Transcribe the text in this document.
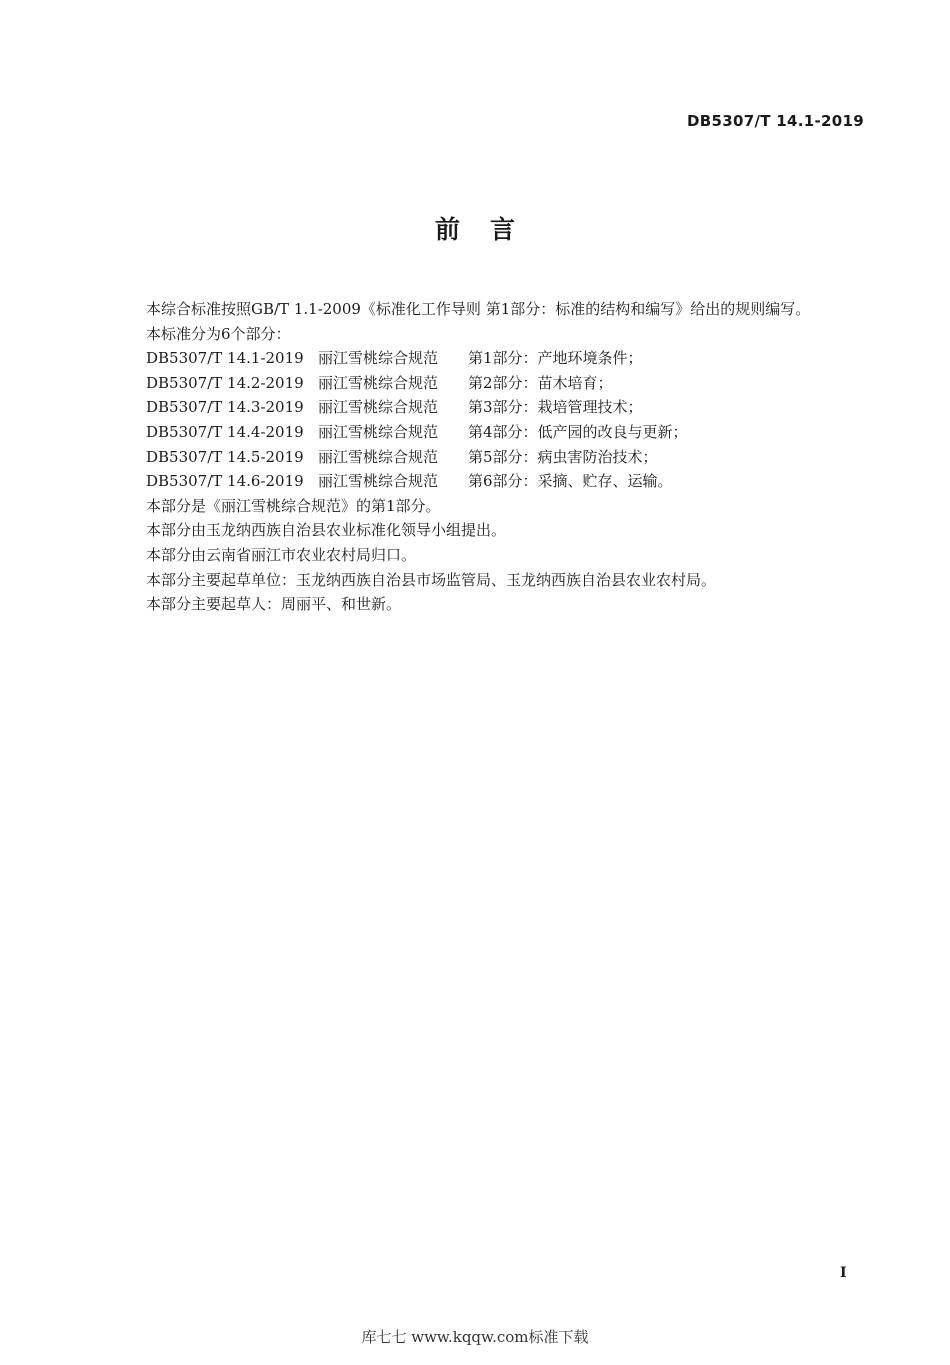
DB5307/T 14.1-2019
前言
本综合标准按照GB/T 1.1-2009《标准化工作导则 第1部分：标准的结构和编写》给出的规则编写。
本标准分为6个部分：
DB5307/T 14.1-2019 丽江雪桃综合规范 第1部分：产地环境条件；
DB5307/T 14.2-2019 丽江雪桃综合规范 第2部分：苗木培育；
DB5307/T 14.3-2019 丽江雪桃综合规范 第3部分：栽培管理技术；
DB5307/T 14.4-2019 丽江雪桃综合规范 第4部分：低产园的改良与更新；
DB5307/T 14.5-2019 丽江雪桃综合规范 第5部分：病虫害防治技术；
DB5307/T 14.6-2019 丽江雪桃综合规范 第6部分：采摘、贮存、运输。
本部分是《丽江雪桃综合规范》的第1部分。
本部分由玉龙纳西族自治县农业标准化领导小组提出。
本部分由云南省丽江市农业农村局归口。
本部分主要起草单位：玉龙纳西族自治县市场监管局、玉龙纳西族自治县农业农村局。
本部分主要起草人：周丽平、和世新。
I
库七七 www.kqqw.com标准下载
